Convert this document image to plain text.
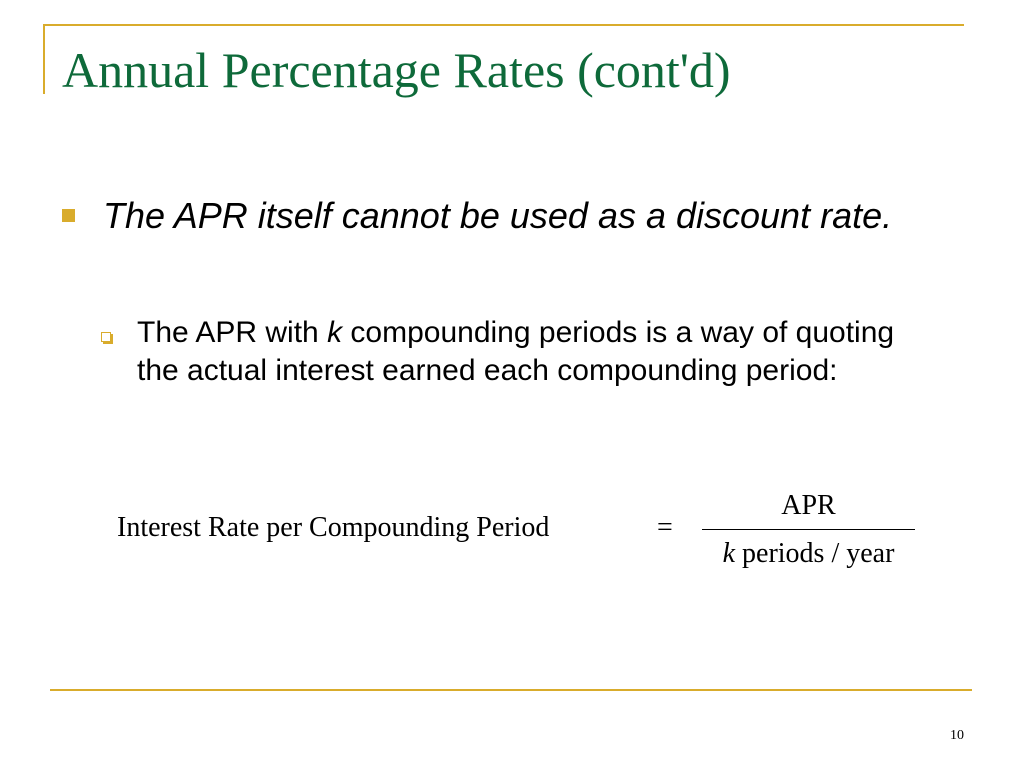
Annual Percentage Rates (cont'd)
The APR itself cannot be used as a discount rate.
The APR with k compounding periods is a way of quoting the actual interest earned each compounding period:
Interest Rate per Compounding Period	=
APR
k periods / year
10
